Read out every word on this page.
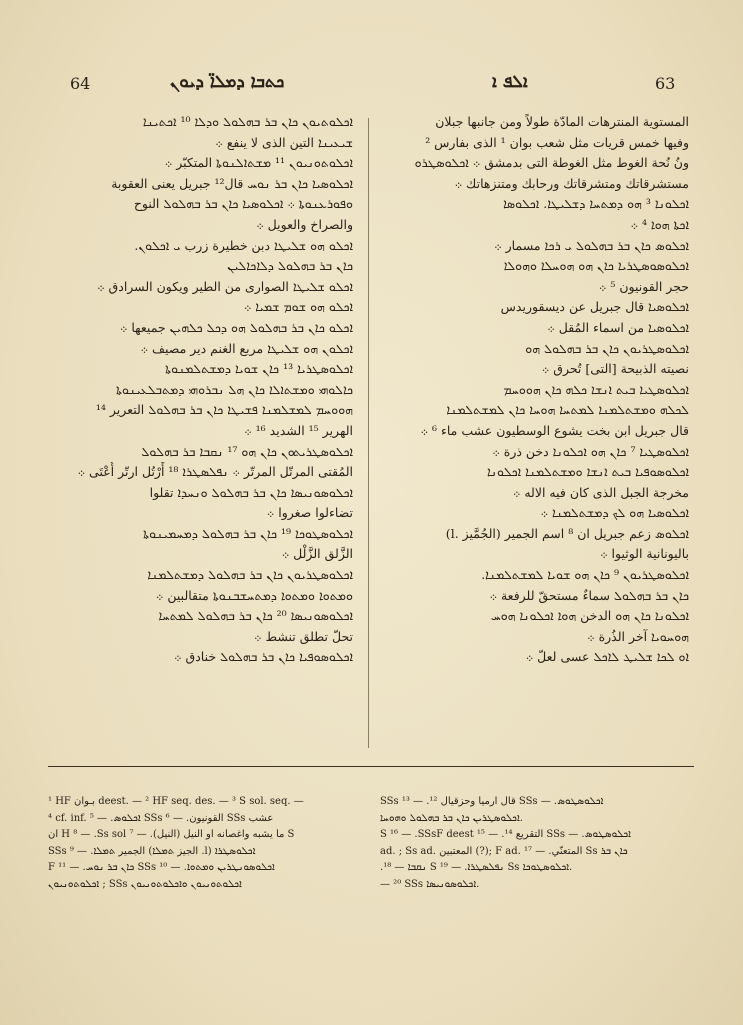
64	ܟܬܒܐ ܕܡܠܐ̈ ܕܝܘܢ	ܐܠܦ ܐ	63
ܐܟܠܘܬܝܘܢ ܟܐܢ ܒܪ ܒܗܠܘܠ ܘܕܠܐ ¹⁰ ܐܟܬܝܢܐ
ܫܝܥܝܢܐ التين الذى لا ينفع ܀
ܐܟܠܘܬܘܢܝܘܢ ¹¹ ܡܫܬܐܠܢܘܬܐ المتكبّر ܀
ܐܟܠܘܣܝܐ ܟܐܢ ܒܪ ܢܘܚ قال¹² جبريل يعنى العقوبة
ܘܦܘܪܥܢܘܬܐ ܀ ܐܟܠܘܣܝܐ ܟܐܢ ܒܪ ܒܗܠܘܠ النوح
والصراخ والعويل ܀
ܐܟܠܘ ܗܘ ܫܠܝܛܐ دبن خطيرة زرب ܝ ܐܟܠܘܢ.
ܟܐܢ ܒܪ ܒܗܠܘܠ ܕܠܐܟܐܠܝܢ
ܐܟܠܘ ܫܠܝܛܐ الصوارى من الطير ويكون السرادق ܀
ܐܟܠܘ ܗܘ ܫܘܡ ܫܡܝܐ ܀
ܐܟܠܘ ܟܐܢ ܒܪ ܒܗܠܘܠ ܗܘ ܕܟܠ ܟܠܗܝܢ جميعها ܀
ܐܟܠܘܢ ܗܘ ܫܠܝܛܐ مربع الغنم دير مصيف ܀
ܐܟܠܘܣܛܪܝܐ ¹³ ܟܐܢ ܫܘܝܐ ܕܡܫܬܠܡܢܘܬܐ
ܟܐܠܘܗܝ ܘܡܫܬܐܠܐ ܟܐܢ ܗܠ ܢܒܪܘܗܝ ܕܡܬܒܠܥܝܢܘܬܐ
ܗܘܘܚܡ ܠܡܫܠܡܢܐ ܦܫܝܛܐ ܟܐܢ ܒܪ ܒܗܠܘܠ التعرير ¹⁴
الهرير ¹⁵ الشديد ¹⁶ ܀
ܐܟܠܘܣܛܪܝܬܘܢ ܟܐܢ ܗܘ ¹⁷ ܢܩܒܐ ܒܪ ܒܗܠܘܠ
المُقتى المرتّل المرتّر ܀ ܢܦܠܣܛܪܐ ¹⁸ أَرْتُل ارتّر أُعْتَى ܀
ܐܟܠܘܣܘܢܝܣܐ ܟܐܢ ܒܪ ܒܗܠܘܠ ܘܢܚܕܐ تقلوا
تضاءلوا صغروا ܀
ܐܟܠܘܣܛܘܟܐ ¹⁹ ܟܐܢ ܒܪ ܒܗܠܘܠ ܕܡܚܡܝܢܘܬܐ
الزَّلق الزَّلْل ܀
ܐܟܠܘܣܛܪܝܘܢ ܟܐܢ ܒܪ ܒܗܠܘܠ ܕܡܫܬܠܡܢܐ
ܘܡܬܘܐ ܘܡܬܘܐ ܕܡܬܚܫܒܢܘܬܐ متقالبين ܀
ܐܟܠܘܣܘܢܝܣܐ ²⁰ ܟܐܢ ܒܪ ܒܗܠܘܠ ܠܡܬܚܐ
تحلّ تطلق تنشط ܀
ܐܟܠܘܣܘܦܝܐ ܟܐܢ ܒܪ ܒܗܠܘܠ خنادق ܀
المستوية المنترهات المادّة طولاً ومن جانبها جبلان
وفيها خمس قريات مثل شعب بوان ¹ الذى بفارس ²
ونُ نُحة الغوط مثل الغوطة التى بدمشق ܀ ܐܟܠܘܣܛܪܘ
مستشرقاتك ومتشرقاتك ورحابك ومتنزهاتك ܀
ܐܟܠܘܢܐ ³ ܗܘ ܕܡܬܚܐ ܕܫܠܝܛܐ. ܐܟܠܘܣܐ
ܐܟܬܐ ܗܘܐ ⁴ ܀
ܐܟܠܘܣ ܟܐܢ ܒܪ ܒܗܠܘܠ ܝ ܪܟܐ مسمار ܀
ܐܟܠܘܣܘܣܛܪܝܐ ܟܐܢ ܗܘ ܗܘܚܠܐ ܘܗܘܠܐ
حجر القونيون ⁵ ܀
ܐܟܠܘܣܝܐ قال جبريل عن ديسقوريدس
ܐܟܠܘܣܝܐ من اسماء المُقل ܀
ܐܟܠܘܣܛܪܝܘܢ ܟܐܢ ܒܪ ܒܗܠܘܠ ܗܘ
نصيته الذبيحة [التى] تُحرق ܀
ܐܟܠܘܣܛܝܐ ܒܝܬ ܐܢܫܐ ܟܠܗ ܟܐܢ ܗܘܘܚܡ
ܠܟܠܗ ܘܡܫܬܠܡܢܐ ܠܡܬܚܐ ܗܘܚܐ ܟܐܢ ܠܡܫܬܠܡܢܐ
قال جبريل ابن بخت يشوع الوسطيون عشب ماء ⁶ ܀
ܐܟܠܘܣܛܝܐ ⁷ ܟܐܢ ܗܘ ܐܟܠܘܢܐ دخن ذرة ܀
ܐܟܠܘܣܘܦܝܐ ܒܝܬ ܐܢܫܐ ܘܡܫܬܠܡܢܐ ܐܟܠܘܢܐ
مخرجة الجبل الذى كان فيه الاله ܀
ܐܟܠܘܣܝܐ ܗܘ ܠܟ ܕܡܫܬܠܡܢܐ ܀
ܐܟܠܘܣ زعم جبريل ان ⁸ اسم الجمير (الجُمَّيز .l)
باليونانية الوثيوا ܀
ܐܟܠܘܣܛܪܝܘܢ ⁹ ܟܐܢ ܗܘ ܫܘܝܐ ܠܡܫܬܠܡܢܐ.
ܟܐܢ ܒܪ ܒܗܠܘܠ سماءٌ مستحقّ للرفعة ܀
ܐܟܠܘܢܐ ܟܐܢ ܗܘ الدخن ܗܘܐ ܐܟܠܘܢܐ ܗܘܚ
ܗܘܚܘܝܐ آخر الذُرة ܀
ܐܘ ܠܟܐ ܫܠܝܛ ܠܐܟܠ عسى لعلّ ܀
¹ HF بـوان deest. — ² HF seq. des. — ³ S sol. seq. —
⁴ cf. inf. ܐܟܠܘܣ. — ⁵ SSs القونيون. — ⁶ SSs عشب
ان H ⁸ — .Ss sol ⁷ — .ما يشبه واغصانه او النيل (النيل) S
SSs ⁹ — .الجمير ܬܡܠܐ (الجيز ܬܡܠܐ .l) ܐܟܠܘܣܛܪܐ
F ¹¹ — .ܟܐܢ ܒܪ ܢܘܚ SSs ¹⁰ — .ܐܟܠܘܣܘܢܛܪܝܢ ܘܡܬܘܐ
ܐܟܠܘܬܘܢܝܘܢ ; SSs ܐܟܠܘܬܘܢܝܘܢ ܘܐܟܠܘܬܘܢܝܘܢ
SSs ¹³ — .قال ارميا وحزقيال ¹² SSs — .ܐܟܠܘܣܛܘܣ
ܐܟܠܘܣܛܪܝܢ ܟܐܢ ܒܪ ܒܗܠܘܠ ܘܗܘܚܐ.
S ¹⁶ — .SSsF deest ¹⁵ — .التقريع ¹⁴ SSs — .ܐܟܠܘܣܛܘܣ
ad. ; Ss ad. المعتبين (?); F ad. المتعنّي. — ¹⁷ Ss ܟܐܢ ܒܪ
.ܢܩܒܐ — ¹⁸ S ܢܦܠܣܛܪܐ. — ¹⁹ Ss ܐܟܠܘܣܛܘܟܐ.
— ²⁰ SSs ܐܟܠܘܣܘܢܝܣܐ.
